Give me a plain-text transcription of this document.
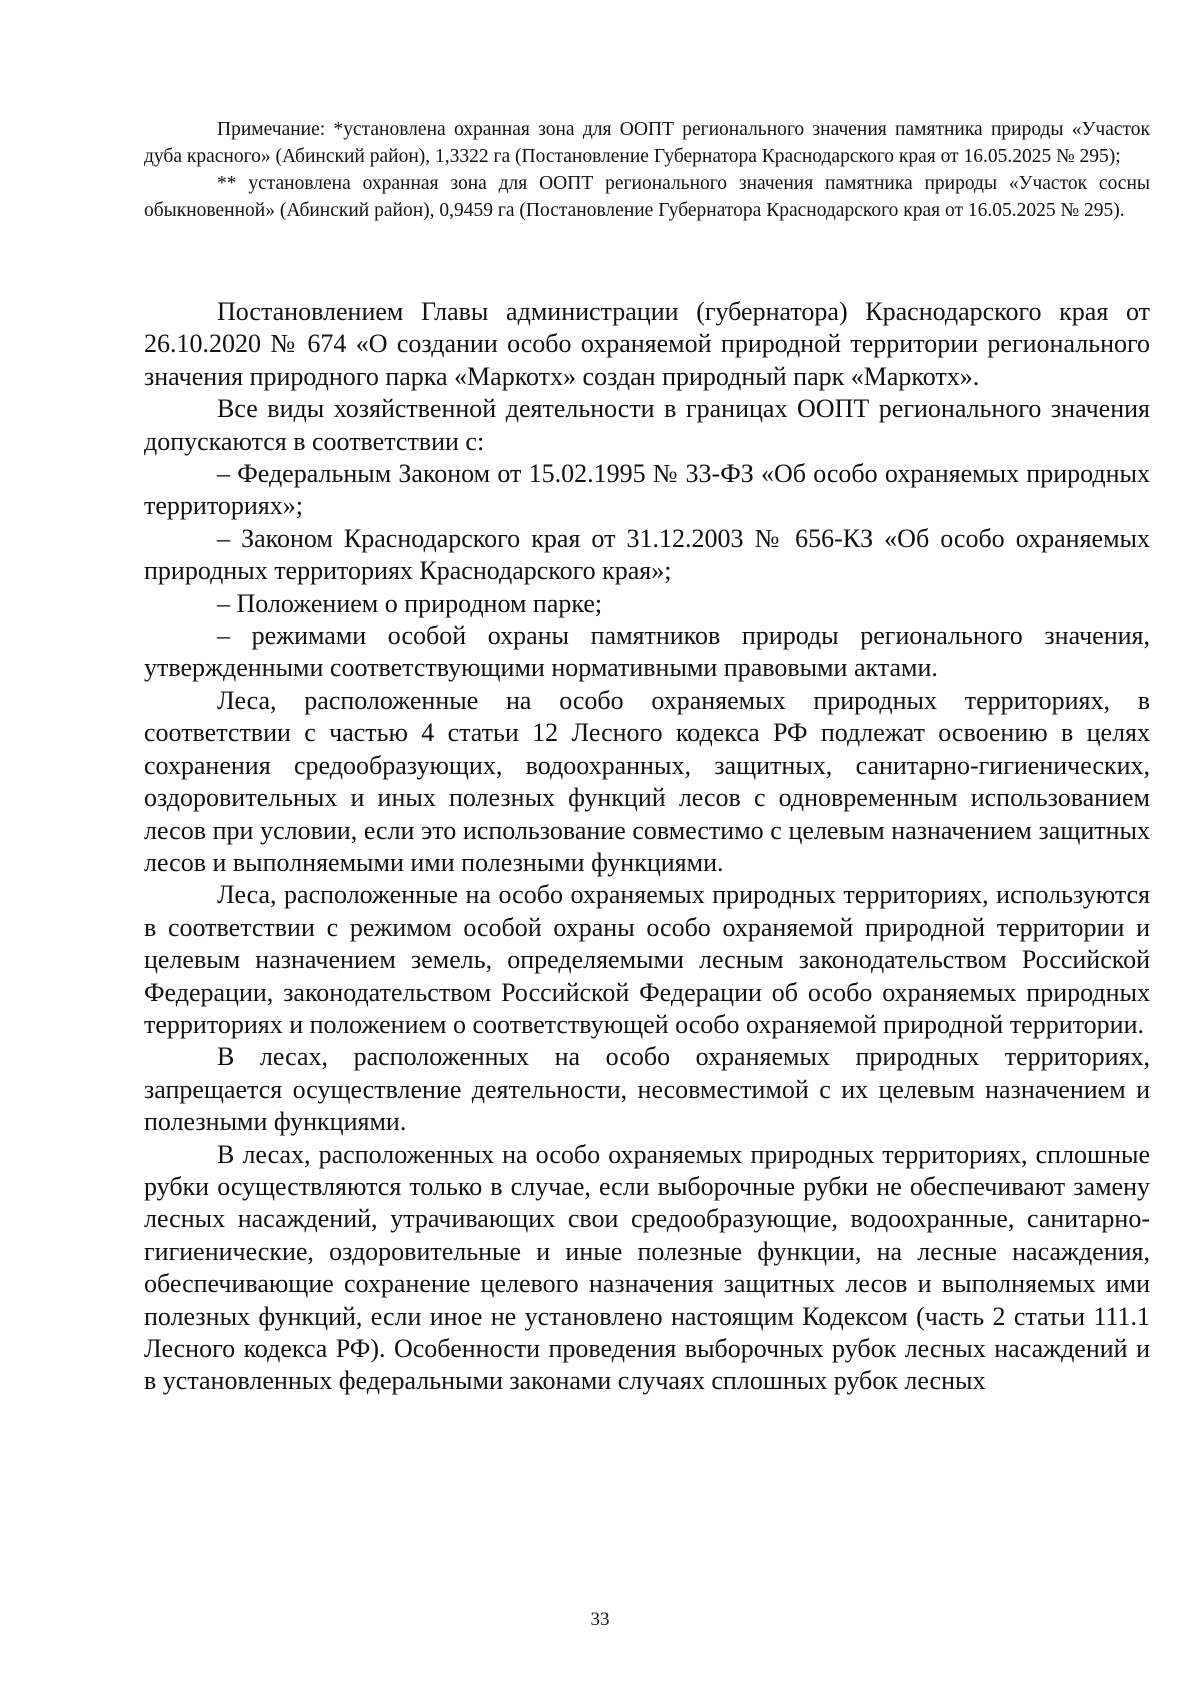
Примечание: *установлена охранная зона для ООПТ регионального значения памятника природы «Участок дуба красного» (Абинский район), 1,3322 га (Постановление Губернатора Краснодарского края от 16.05.2025 № 295);

** установлена охранная зона для ООПТ регионального значения памятника природы «Участок сосны обыкновенной» (Абинский район), 0,9459 га (Постановление Губернатора Краснодарского края от 16.05.2025 № 295).

Постановлением Главы администрации (губернатора) Краснодарского края от 26.10.2020 № 674 «О создании особо охраняемой природной территории регионального значения природного парка «Маркотх» создан природный парк «Маркотх».

Все виды хозяйственной деятельности в границах ООПТ регионального значения допускаются в соответствии с:

– Федеральным Законом от 15.02.1995 № 33-ФЗ «Об особо охраняемых природных территориях»;

– Законом Краснодарского края от 31.12.2003 № 656-КЗ «Об особо охраняемых природных территориях Краснодарского края»;

– Положением о природном парке;

– режимами особой охраны памятников природы регионального значения, утвержденными соответствующими нормативными правовыми актами.

Леса, расположенные на особо охраняемых природных территориях, в соответствии с частью 4 статьи 12 Лесного кодекса РФ подлежат освоению в целях сохранения средообразующих, водоохранных, защитных, санитарно-гигиенических, оздоровительных и иных полезных функций лесов с одновременным использованием лесов при условии, если это использование совместимо с целевым назначением защитных лесов и выполняемыми ими полезными функциями.

Леса, расположенные на особо охраняемых природных территориях, используются в соответствии с режимом особой охраны особо охраняемой природной территории и целевым назначением земель, определяемыми лесным законодательством Российской Федерации, законодательством Российской Федерации об особо охраняемых природных территориях и положением о соответствующей особо охраняемой природной территории.

В лесах, расположенных на особо охраняемых природных территориях, запрещается осуществление деятельности, несовместимой с их целевым назначением и полезными функциями.

В лесах, расположенных на особо охраняемых природных территориях, сплошные рубки осуществляются только в случае, если выборочные рубки не обеспечивают замену лесных насаждений, утрачивающих свои средообразующие, водоохранные, санитарно-гигиенические, оздоровительные и иные полезные функции, на лесные насаждения, обеспечивающие сохранение целевого назначения защитных лесов и выполняемых ими полезных функций, если иное не установлено настоящим Кодексом (часть 2 статьи 111.1 Лесного кодекса РФ). Особенности проведения выборочных рубок лесных насаждений и в установленных федеральными законами случаях сплошных рубок лесных

33
